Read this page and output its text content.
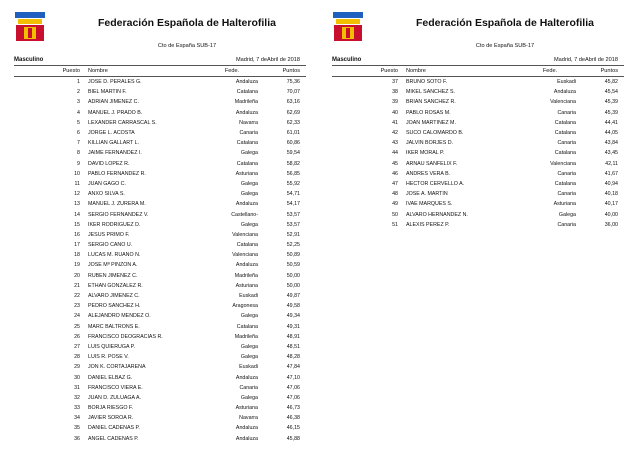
Federación Española de Halterofilia
Cto de España SUB-17
Masculino	Madrid, 7 deAbril de 2018
Puesto	Nombre	Fede.	Puntos
1	JOSE D. PERALES G.	Andaluza	75,36
2	BIEL MARTIN F.	Catalana	70,07
3	ADRIAN JIMENEZ C.	Madrileña	63,16
4	MANUEL J. PRADO B.	Andaluza	62,69
5	LEXANDER CARRASCAL S.	Navarra	62,33
6	JORGE L. ACOSTA	Canaria	61,01
7	KILLIAN GALLART L.	Catalana	60,86
8	JAIME FERNANDEZ I.	Galega	59,54
9	DAVID LOPEZ R.	Catalana	58,82
10	PABLO FERNANDEZ R.	Asturiana	56,85
11	JUAN GAGO C.	Galega	55,92
12	ANXO SILVA S.	Galega	54,71
13	MANUEL J. ZURERA M.	Andaluza	54,17
14	SERGIO FERNANDEZ V.	Castellano-	53,57
15	IKER RODRIGUEZ D.	Galega	53,57
16	JESUS PRIMO F.	Valenciana	52,91
17	SERGIO CANO U.	Catalana	52,25
18	LUCAS M. RUANO N.	Valenciana	50,89
19	JOSE Mª PINZON A.	Andaluza	50,59
20	RUBEN JIMENEZ C.	Madrileña	50,00
21	ETHAN GONZALEZ R.	Asturiana	50,00
22	ALVARO JIMENEZ C.	Euskadi	49,87
23	PEDRO SANCHEZ H.	Aragonesa	49,58
24	ALEJANDRO MENDEZ O.	Galega	49,34
25	MARC BALTRONS E.	Catalana	49,31
26	FRANCISCO DEOGRACIAS R.	Madrileña	48,91
27	LUIS QUIERUGA P.	Galega	48,51
28	LUIS R. POSE V.	Galega	48,28
29	JON K. CORTAJARENA	Euskadi	47,84
30	DANIEL ELBAZ G.	Andaluza	47,10
31	FRANCISCO VIERA E.	Canaria	47,06
32	JUAN D. ZULUAGA A.	Galega	47,06
33	BORJA RIESGO F.	Asturiana	46,73
34	JAVIER SOROA R.	Navarra	46,38
35	DANIEL CADENAS P.	Andaluza	46,15
36	ANGEL CADENAS P.	Andaluza	45,88
Federación Española de Halterofilia
Cto de España SUB-17
Masculino	Madrid, 7 deAbril de 2018
Puesto	Nombre	Fede.	Puntos
37	BRUNO SOTO F.	Euskadi	45,82
38	MIKEL SANCHEZ S.	Andaluza	45,54
39	BRIAN SANCHEZ R.	Valenciana	45,39
40	PABLO ROSAS M.	Canaria	45,39
41	JOAN MARTINEZ M.	Catalana	44,41
42	SUCO CALOMARDO B.	Catalana	44,05
43	JALVIN BORJES D.	Canaria	43,84
44	IKER MORAL P.	Catalana	43,45
45	ARNAU SANFELIX F.	Valenciana	42,11
46	ANDRES VERA B.	Canaria	41,67
47	HECTOR CERVELLO A.	Catalana	40,94
48	JOSE A. MARTIN	Canaria	40,18
49	IVAE MARQUES S.	Asturiana	40,17
50	ALVARO HERNANDEZ N.	Galega	40,00
51	ALEXIS PEREZ P.	Canaria	36,00
